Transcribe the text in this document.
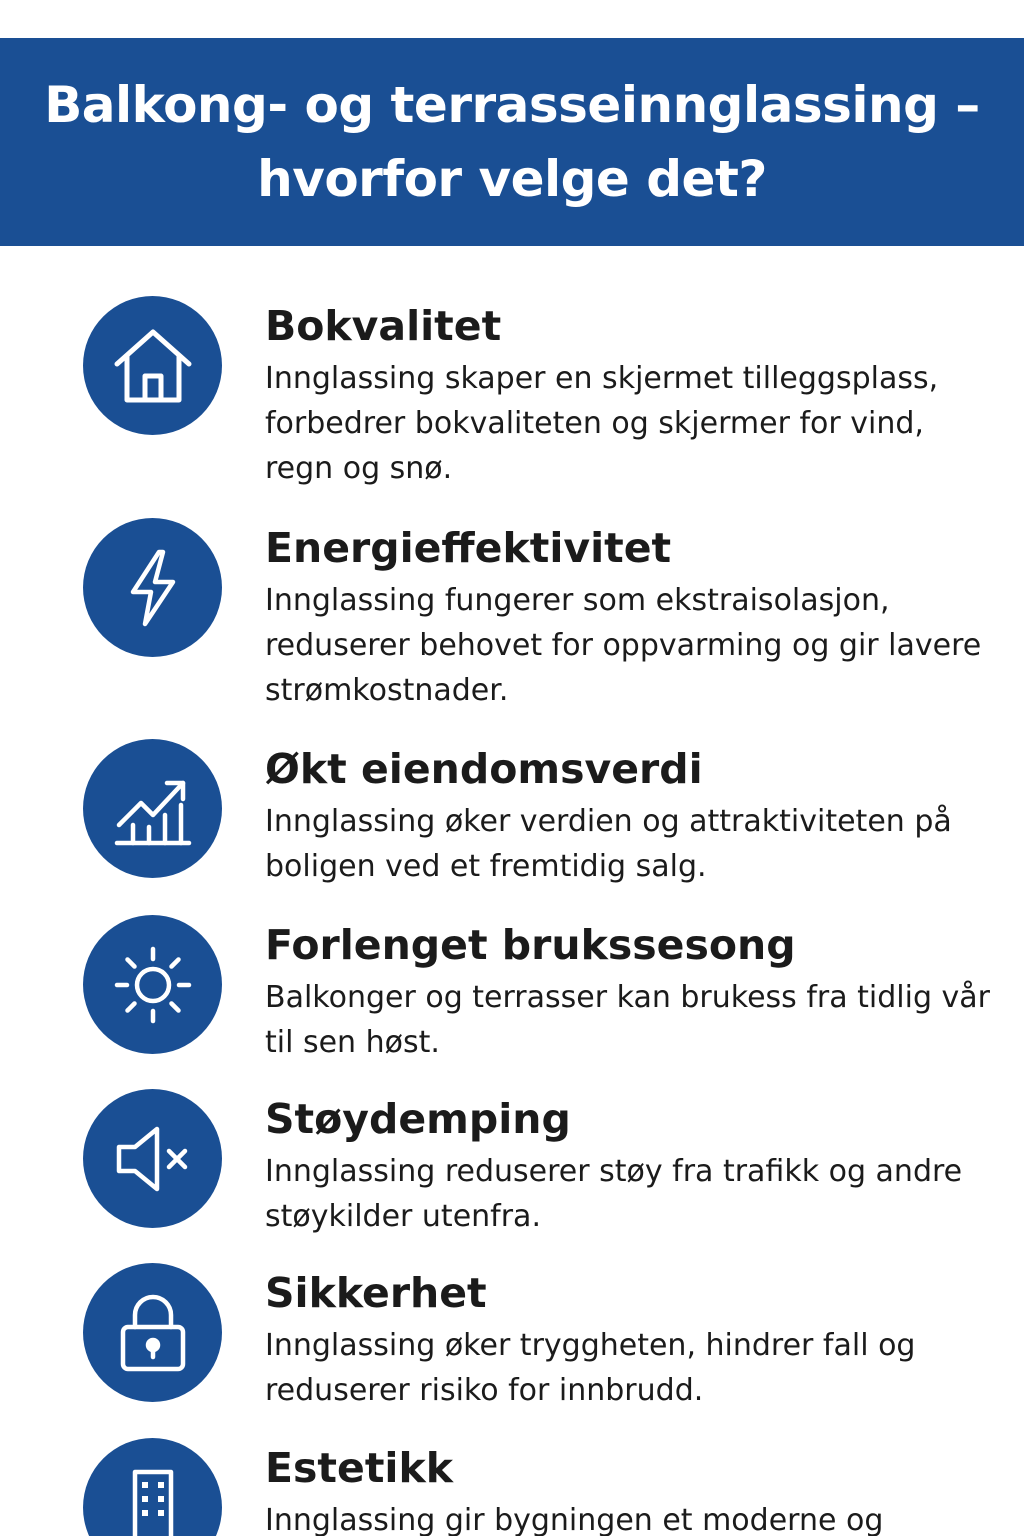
Balkong- og terrasseinnglassing –
hvorfor velge det?
Bokvalitet

Innglassing skaper en skjermet tilleggsplass, forbedrer bokvaliteten og skjermer for vind, regn og snø.

Energieffektivitet

Innglassing fungerer som ekstraisolasjon, reduserer behovet for oppvarming og gir lavere strømkostnader.

Økt eiendomsverdi

Innglassing øker verdien og attraktiviteten på boligen ved et fremtidig salg.

Forlenget brukssesong

Balkonger og terrasser kan brukess fra tidlig vår til sen høst.

Støydemping

Innglassing reduserer støy fra trafikk og andre støykilder utenfra.

Sikkerhet

Innglassing øker tryggheten, hindrer fall og reduserer risiko for innbrudd.

Estetikk

Innglassing gir bygningen et moderne og
